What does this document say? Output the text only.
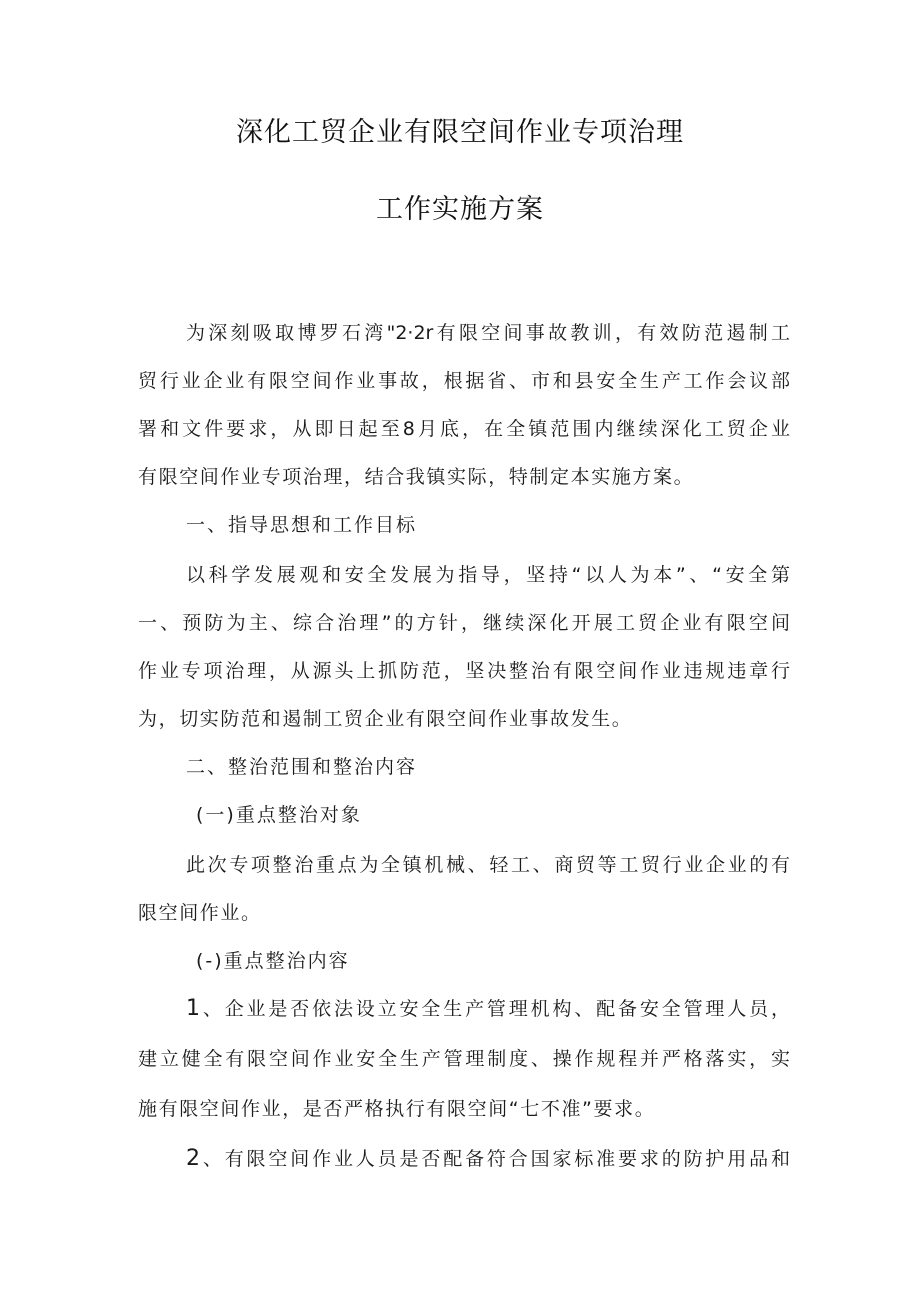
深化工贸企业有限空间作业专项治理
工作实施方案
为深刻吸取博罗石湾"2·2r有限空间事故教训，有效防范遏制工
贸行业企业有限空间作业事故，根据省、市和县安全生产工作会议部
署和文件要求，从即日起至8月底，在全镇范围内继续深化工贸企业
有限空间作业专项治理，结合我镇实际，特制定本实施方案。
一、指导思想和工作目标
以科学发展观和安全发展为指导，坚持“以人为本”、“安全第
一、预防为主、综合治理”的方针，继续深化开展工贸企业有限空间
作业专项治理，从源头上抓防范，坚决整治有限空间作业违规违章行
为，切实防范和遏制工贸企业有限空间作业事故发生。
二、整治范围和整治内容
(一)重点整治对象
此次专项整治重点为全镇机械、轻工、商贸等工贸行业企业的有
限空间作业。
(-)重点整治内容
1、企业是否依法设立安全生产管理机构、配备安全管理人员，
建立健全有限空间作业安全生产管理制度、操作规程并严格落实，实
施有限空间作业，是否严格执行有限空间“七不准”要求。
2、有限空间作业人员是否配备符合国家标准要求的防护用品和
